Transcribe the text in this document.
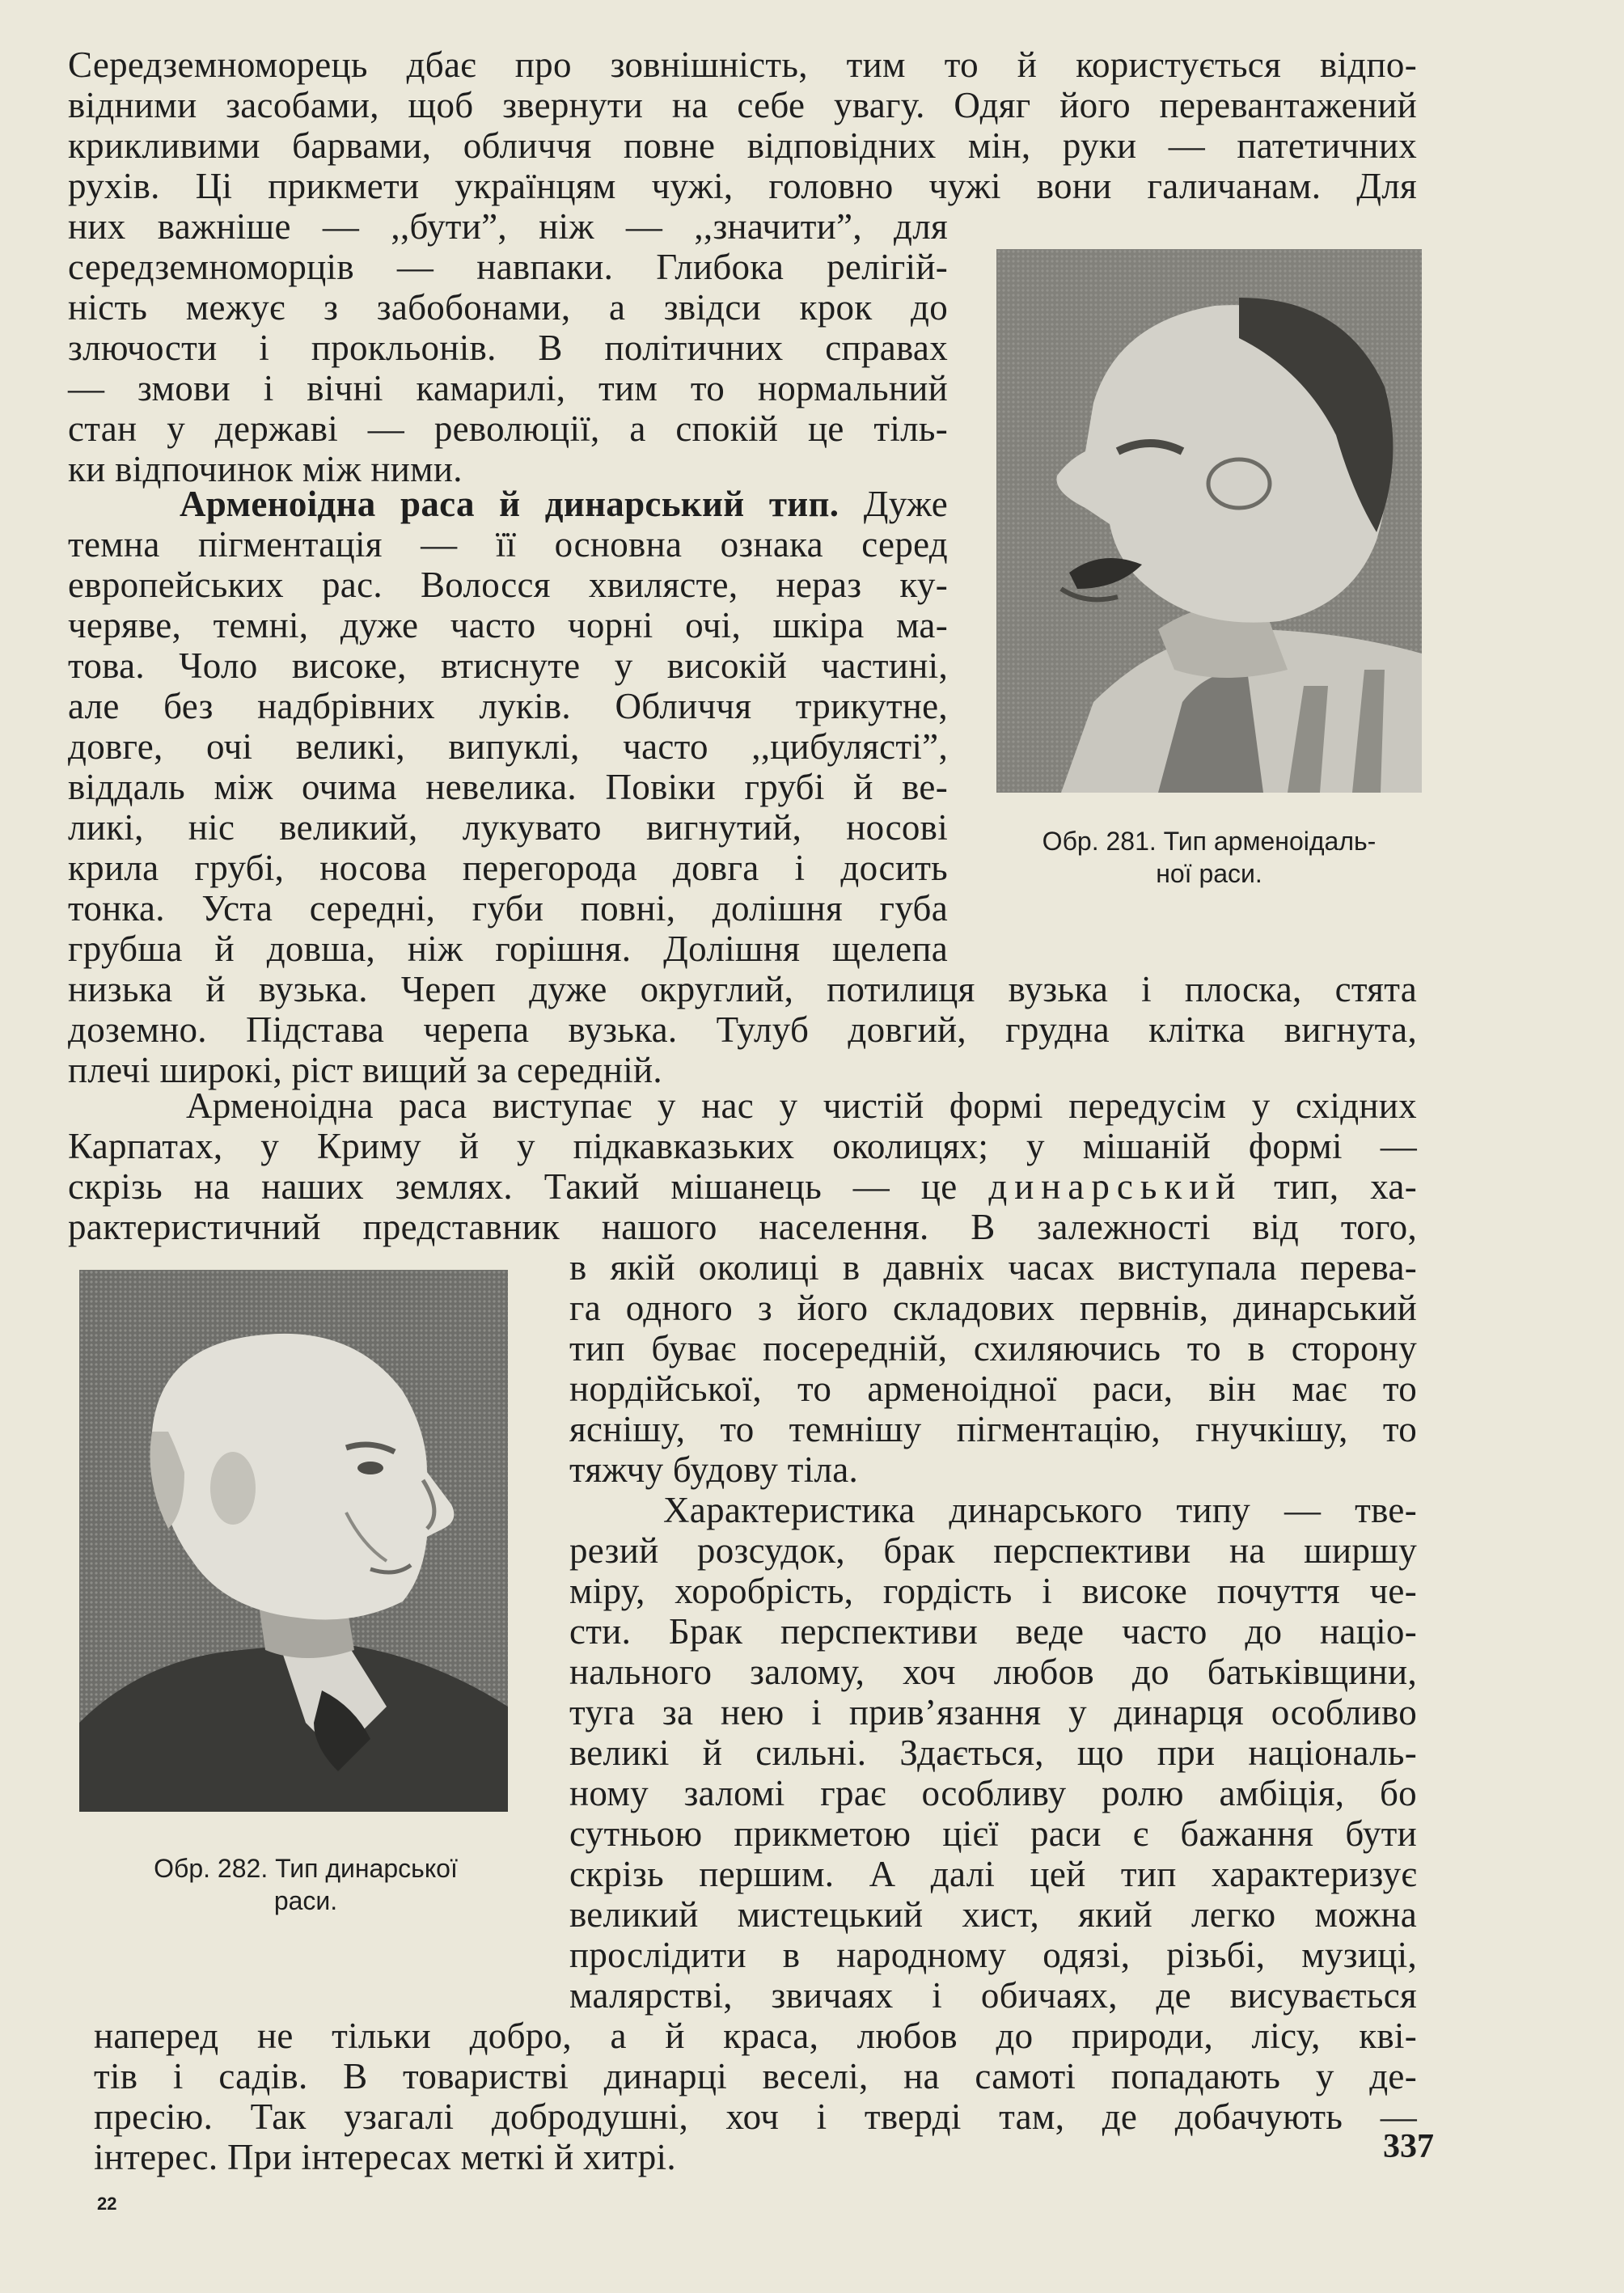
Середземноморець дбає про зовнішність, тим то й користується відпо-
відними засобами, щоб звернути на себе увагу. Одяг його перевантажений
крикливими барвами, обличчя повне відповідних мін, руки — патетичних
рухів. Ці прикмети українцям чужі, головно чужі вони галичанам. Для
них важніше — ,,бути”, ніж — ,,значити”, для
середземноморців — навпаки. Глибока релігій-
ність межує з забобонами, а звідси крок до
злючости і прокльонів. В політичних справах
— змови і вічні камарилі, тим то нормальний
стан у державі — революції, а спокій це тіль-
ки відпочинок між ними.
Арменоідна раса й динарський тип. Дуже
темна пігментація — її основна ознака серед
европейських рас. Волосся хвилясте, нераз ку-
черяве, темні, дуже часто чорні очі, шкіра ма-
това. Чоло високе, втиснуте у високій частині,
але без надбрівних луків. Обличчя трикутне,
довге, очі великі, випуклі, часто ,,цибулясті”,
віддаль між очима невелика. Повіки грубі й ве-
ликі, ніс великий, лукувато вигнутий, носові
крила грубі, носова перегорода довга і досить
тонка. Уста середні, губи повні, долішня губа
грубша й довша, ніж горішня. Долішня щелепа
Обр. 281. Тип арменоідаль-
ної раси.
низька й вузька. Череп дуже округлий, потилиця вузька і плоска, стята
доземно. Підстава черепа вузька. Тулуб довгий, грудна клітка вигнута,
плечі широкі, ріст вищий за середній.
Арменоідна раса виступає у нас у чистій формі передусім у східних
Карпатах, у Криму й у підкавказьких околицях; у мішаній формі —
скрізь на наших землях. Такий мішанець — це динарський тип, ха-
рактеристичний представник нашого населення. В залежності від того,
Обр. 282. Тип динарської
раси.
в якій околиці в давніх часах виступала перева-
га одного з його складових первнів, динарський
тип буває посередній, схиляючись то в сторону
нордійської, то арменоідної раси, він має то
яснішу, то темнішу пігментацію, гнучкішу, то
тяжчу будову тіла.
Характеристика динарського типу — тве-
резий розсудок, брак перспективи на ширшу
міру, хоробрість, гордість і високе почуття че-
сти. Брак перспективи веде часто до націо-
нального залому, хоч любов до батьківщини,
туга за нею і прив’язання у динарця особливо
великі й сильні. Здається, що при національ-
ному заломі грає особливу ролю амбіція, бо
сутньою прикметою цієї раси є бажання бути
скрізь першим. А далі цей тип характеризує
великий мистецький хист, який легко можна
прослідити в народному одязі, різьбі, музиці,
малярстві, звичаях і обичаях, де висувається
наперед не тільки добро, а й краса, любов до природи, лісу, кві-
тів і садів. В товаристві динарці веселі, на самоті попадають у де-
пресію. Так узагалі добродушні, хоч і тверді там, де добачують —
інтерес. При інтересах меткі й хитрі.	337
22
